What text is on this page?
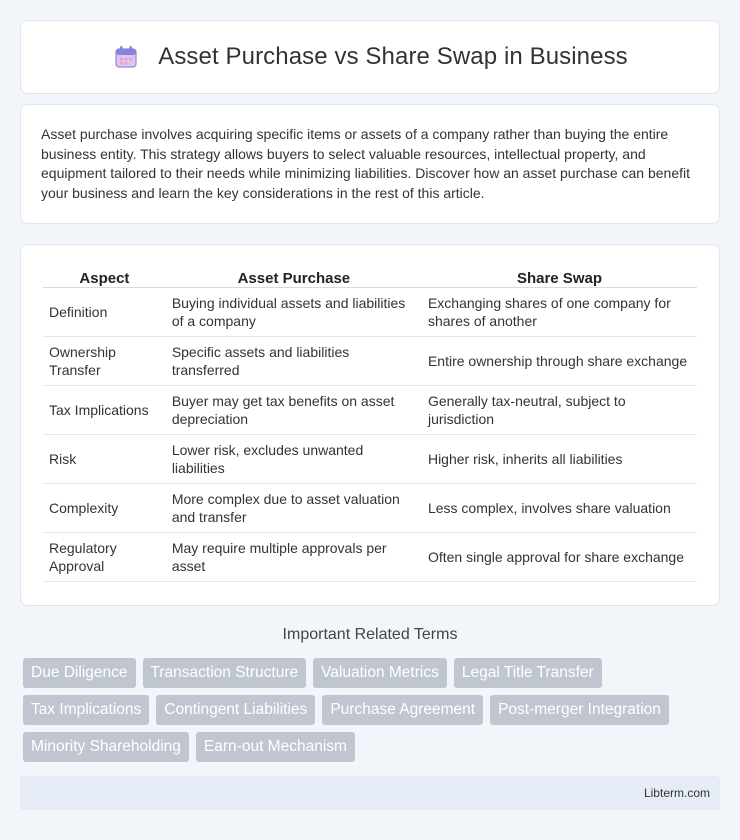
Asset Purchase vs Share Swap in Business

Asset purchase involves acquiring specific items or assets of a company rather than buying the entire business entity. This strategy allows buyers to select valuable resources, intellectual property, and equipment tailored to their needs while minimizing liabilities. Discover how an asset purchase can benefit your business and learn the key considerations in the rest of this article.

Aspect	Asset Purchase	Share Swap
Definition	Buying individual assets and liabilities of a company	Exchanging shares of one company for shares of another
Ownership Transfer	Specific assets and liabilities transferred	Entire ownership through share exchange
Tax Implications	Buyer may get tax benefits on asset depreciation	Generally tax-neutral, subject to jurisdiction
Risk	Lower risk, excludes unwanted liabilities	Higher risk, inherits all liabilities
Complexity	More complex due to asset valuation and transfer	Less complex, involves share valuation
Regulatory Approval	May require multiple approvals per asset	Often single approval for share exchange
Important Related Terms
Due Diligence	Transaction Structure	Valuation Metrics	Legal Title Transfer
Tax Implications	Contingent Liabilities	Purchase Agreement	Post-merger Integration
Minority Shareholding	Earn-out Mechanism
Libterm.com
